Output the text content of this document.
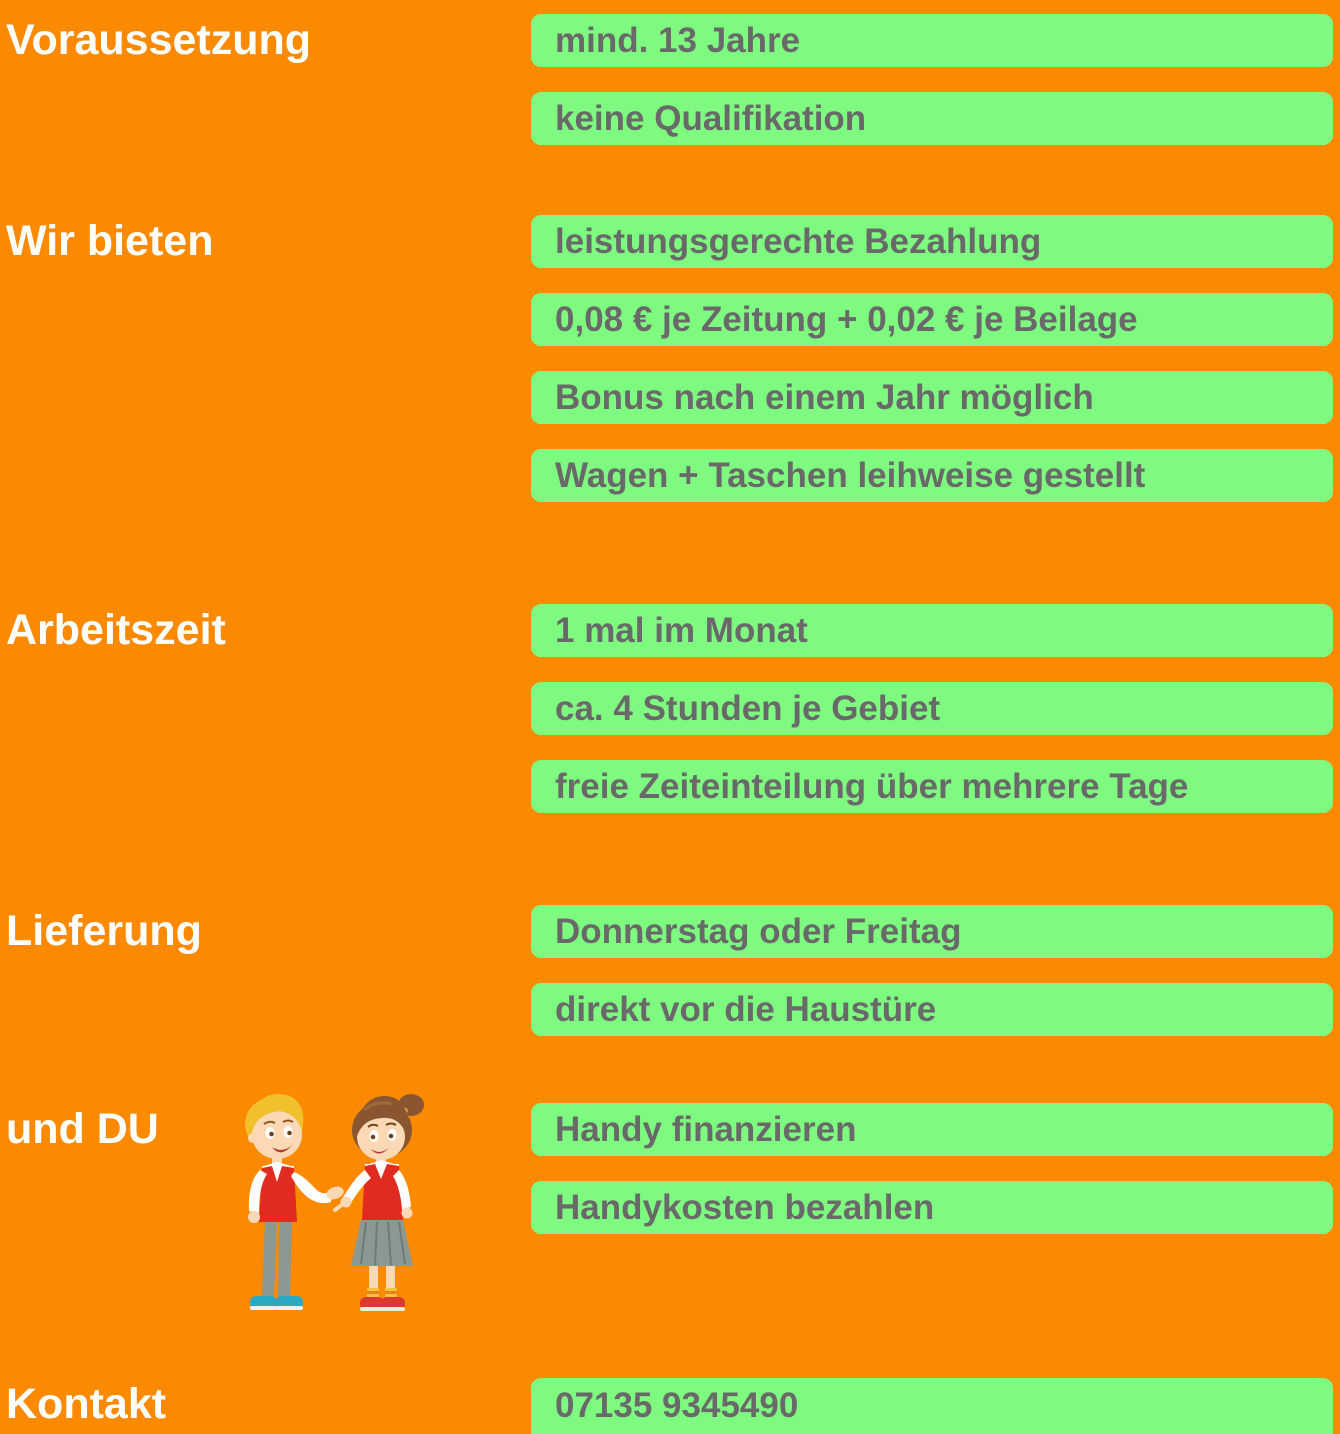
Voraussetzung	mind. 13 Jahre
keine Qualifikation
Wir bieten	leistungsgerechte Bezahlung
0,08 € je Zeitung + 0,02 € je Beilage
Bonus nach einem Jahr möglich
Wagen + Taschen leihweise gestellt
Arbeitszeit	1 mal im Monat
ca. 4 Stunden je Gebiet
freie Zeiteinteilung über mehrere Tage
Lieferung	Donnerstag oder Freitag
direkt vor die Haustüre
und DU	Handy finanzieren
Handykosten bezahlen
Kontakt	07135 9345490
